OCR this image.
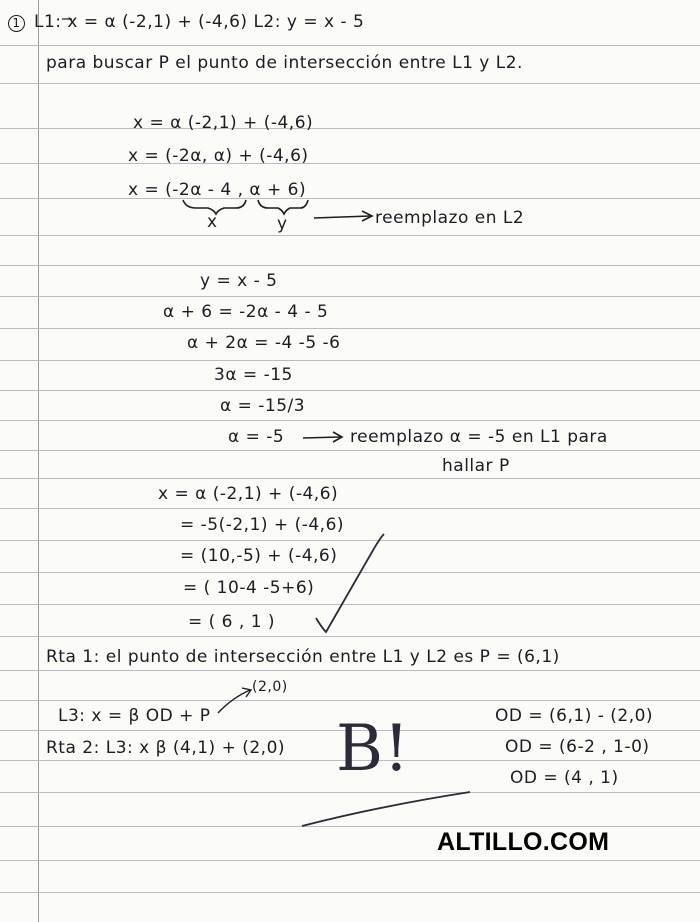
1 L1: x = α (-2,1) + (-4,6) L2: y = x - 5
para buscar P el punto de intersección entre L1 y L2.
x = α (-2,1) + (-4,6)
x = (-2α, α) + (-4,6)
x = (-2α - 4 , α + 6)
x	y	reemplazo en L2
y = x - 5
α + 6 = -2α - 4 - 5
α + 2α = -4 -5 -6
3α = -15
α = -15/3
α = -5	reemplazo α = -5 en L1 para
hallar P
x = α (-2,1) + (-4,6)
= -5(-2,1) + (-4,6)
= (10,-5) + (-4,6)
= ( 10-4 -5+6)
= ( 6 , 1 )
Rta 1: el punto de intersección entre L1 y L2 es P = (6,1)
(2,0)
L3: x = β OD + P
Rta 2: L3: x β (4,1) + (2,0)
OD = (6,1) - (2,0)
OD = (6-2 , 1-0)
OD = (4 , 1)
B!
ALTILLO.COM
